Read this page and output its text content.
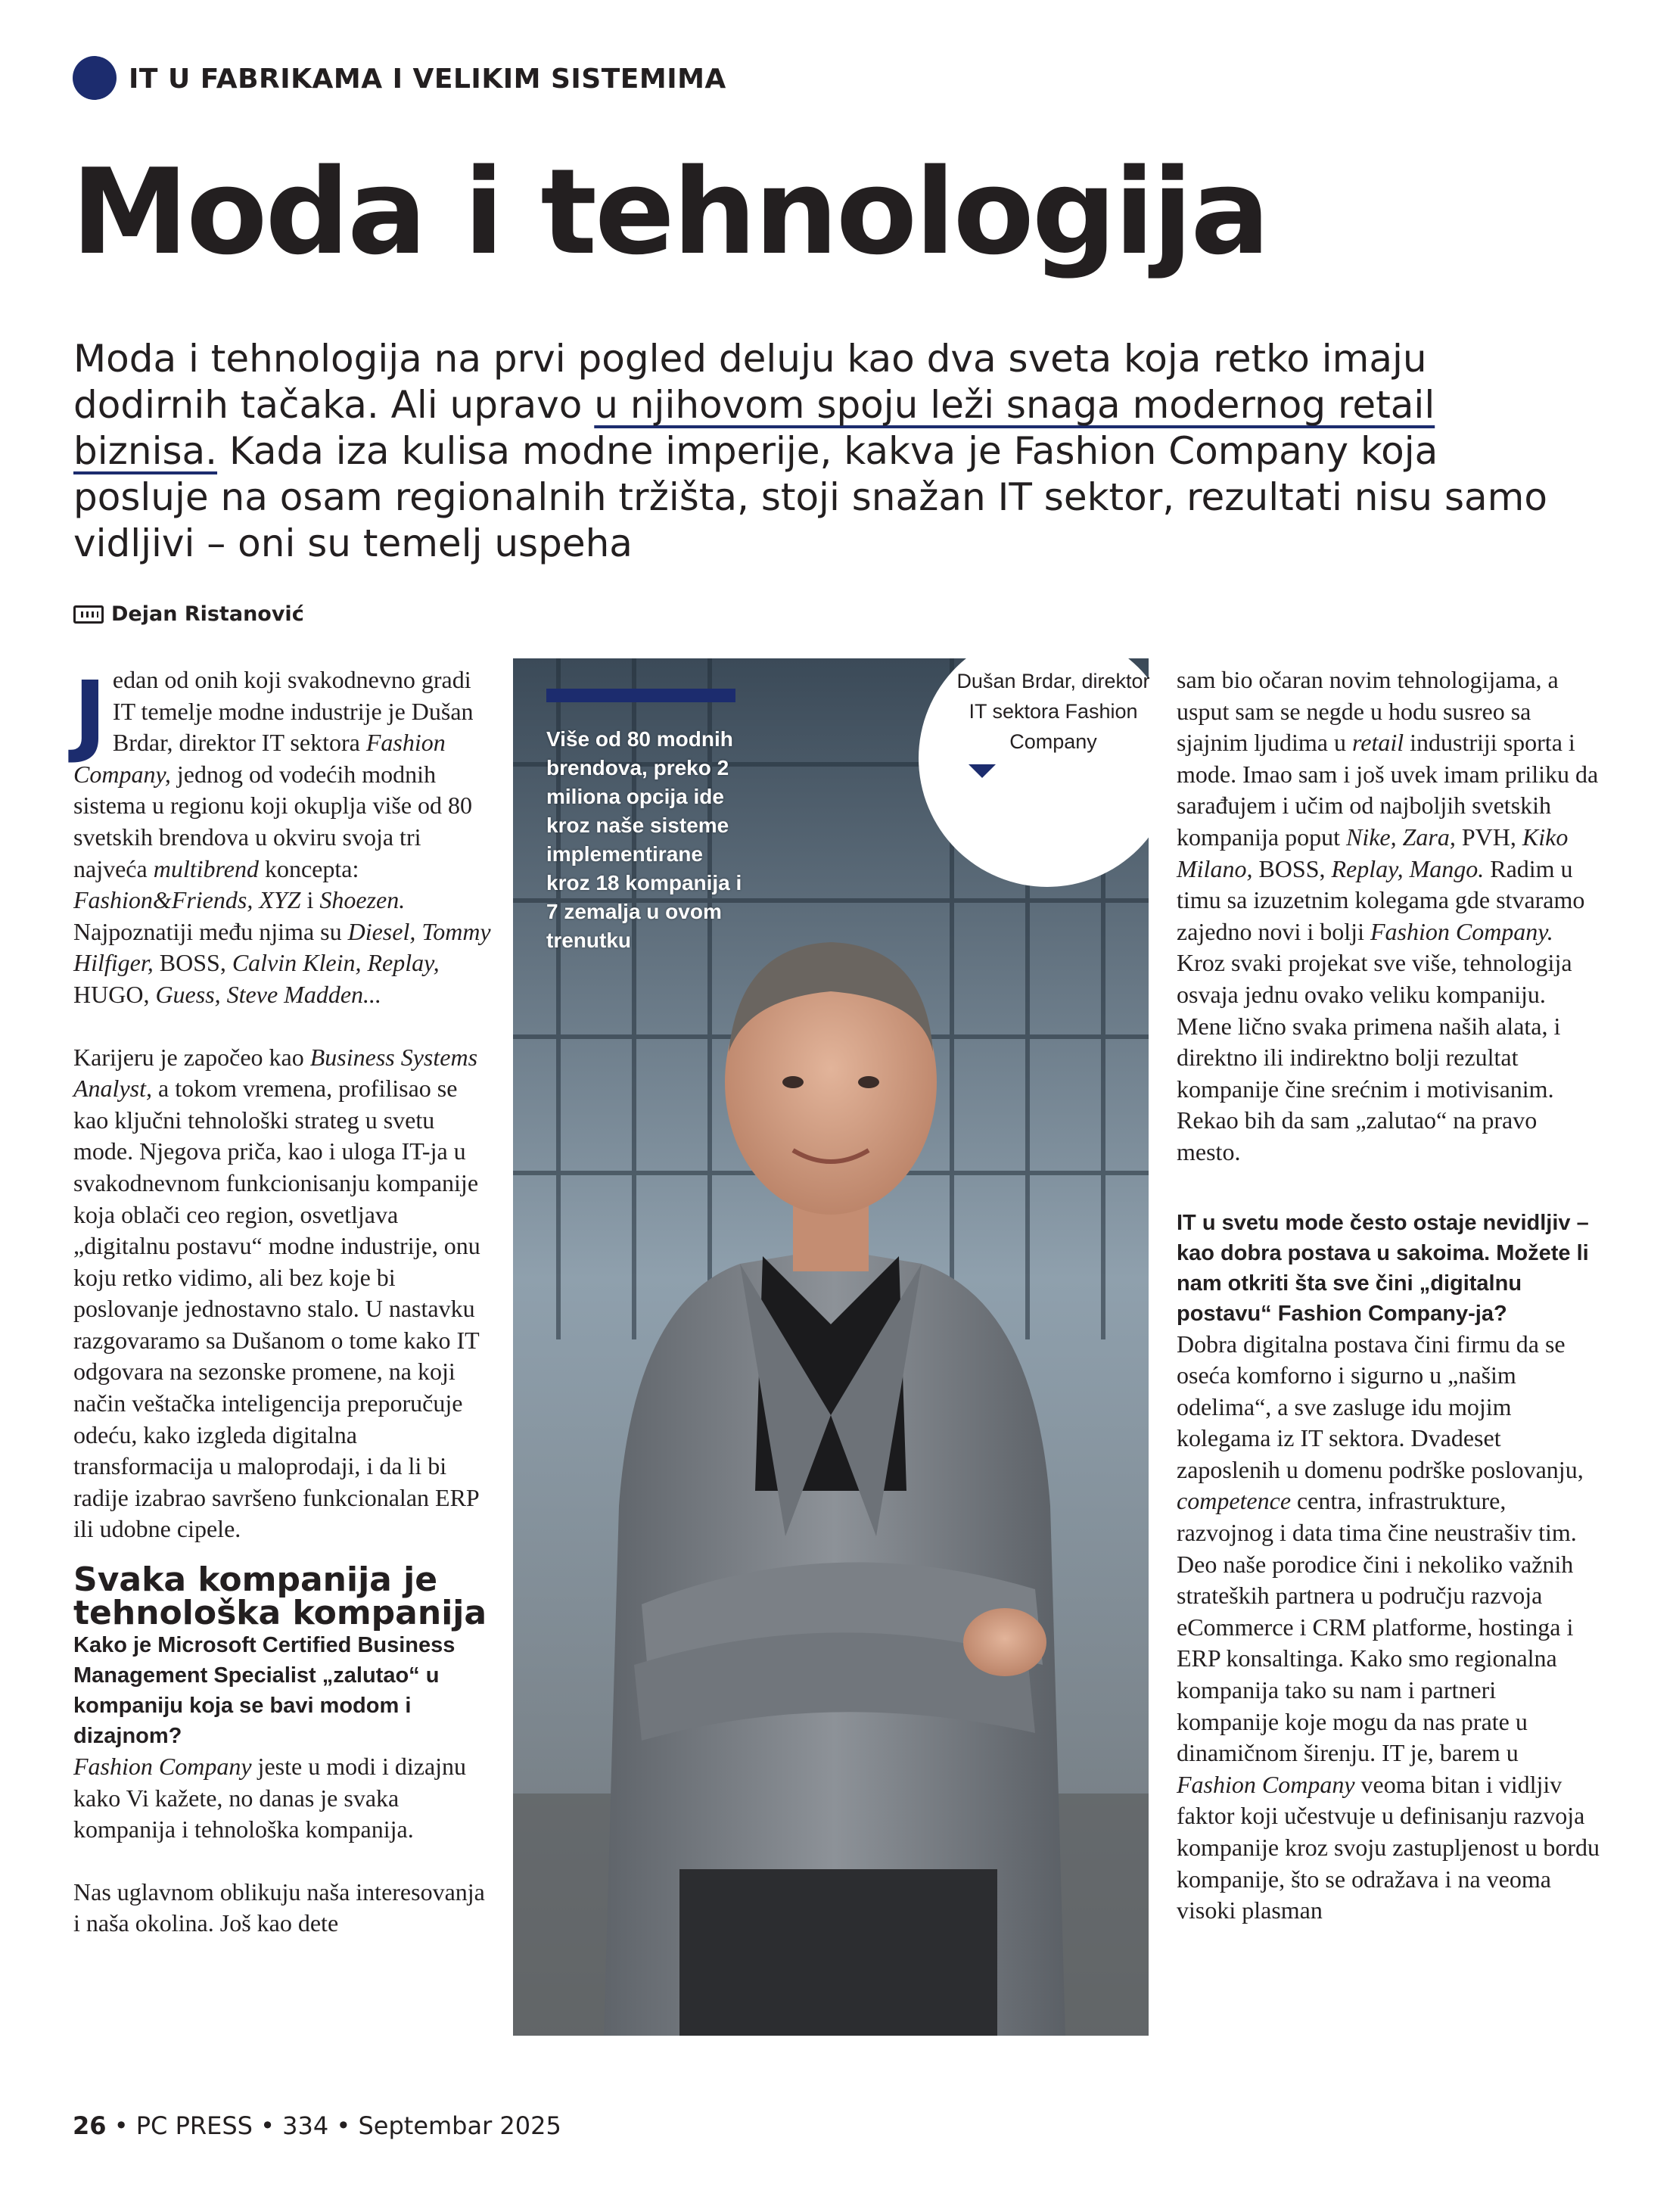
IT U FABRIKAMA I VELIKIM SISTEMIMA
Moda i tehnologija
Moda i tehnologija na prvi pogled deluju kao dva sveta koja retko imaju dodirnih tačaka. Ali upravo u njihovom spoju leži snaga modernog retail biznisa. Kada iza kulisa modne imperije, kakva je Fashion Company koja posluje na osam regionalnih tržišta, stoji snažan IT sektor, rezultati nisu samo vidljivi – oni su temelj uspeha
Dejan Ristanović

J edan od onih koji svakodnevno gradi IT temelje modne industrije je Dušan Brdar, direktor IT sektora Fashion Company, jednog od vodećih modnih sistema u regionu koji okuplja više od 80 svetskih brendova u okviru svoja tri najveća multibrend koncepta: Fashion&Friends, XYZ i Shoezen. Najpoznatiji među njima su Diesel, Tommy Hilfiger, BOSS, Calvin Klein, Replay, HUGO, Guess, Steve Madden...

Karijeru je započeo kao Business Systems Analyst, a tokom vremena, profilisao se kao ključni tehnološki strateg u svetu mode. Njegova priča, kao i uloga IT-ja u svakodnevnom funkcionisanju kompanije koja oblači ceo region, osvetljava „digitalnu postavu“ modne industrije, onu koju retko vidimo, ali bez koje bi poslovanje jednostavno stalo. U nastavku razgovaramo sa Dušanom o tome kako IT odgovara na sezonske promene, na koji način veštačka inteligencija preporučuje odeću, kako izgleda digitalna transformacija u maloprodaji, i da li bi radije izabrao savršeno funkcionalan ERP ili udobne cipele.

Svaka kompanija je tehnološka kompanija
Kako je Microsoft Certified Business Management Specialist „zalutao“ u kompaniju koja se bavi modom i dizajnom?

Fashion Company jeste u modi i dizajnu kako Vi kažete, no danas je svaka kompanija i tehnološka kompanija.

Nas uglavnom oblikuju naša interesovanja i naša okolina. Još kao dete

Više od 80 modnih brendova, preko 2 miliona opcija ide kroz naše sisteme implementirane kroz 18 kompanija i 7 zemalja u ovom trenutku
Dušan Brdar, direktor IT sektora Fashion Company

sam bio očaran novim tehnologijama, a usput sam se negde u hodu susreo sa sjajnim ljudima u retail industriji sporta i mode. Imao sam i još uvek imam priliku da sarađujem i učim od najboljih svetskih kompanija poput Nike, Zara, PVH, Kiko Milano, BOSS, Replay, Mango. Radim u timu sa izuzetnim kolegama gde stvaramo zajedno novi i bolji Fashion Company. Kroz svaki projekat sve više, tehnologija osvaja jednu ovako veliku kompaniju. Mene lično svaka primena naših alata, i direktno ili indirektno bolji rezultat kompanije čine srećnim i motivisanim. Rekao bih da sam „zalutao“ na pravo mesto.

IT u svetu mode često ostaje nevidljiv – kao dobra postava u sakoima. Možete li nam otkriti šta sve čini „digitalnu postavu“ Fashion Company-ja?

Dobra digitalna postava čini firmu da se oseća komforno i sigurno u „našim odelima“, a sve zasluge idu mojim kolegama iz IT sektora. Dvadeset zaposlenih u domenu podrške poslovanju, competence centra, infrastrukture, razvojnog i data tima čine neustrašiv tim. Deo naše porodice čini i nekoliko važnih strateških partnera u području razvoja eCommerce i CRM platforme, hostinga i ERP konsaltinga. Kako smo regionalna kompanija tako su nam i partneri kompanije koje mogu da nas prate u dinamičnom širenju. IT je, barem u Fashion Company veoma bitan i vidljiv faktor koji učestvuje u definisanju razvoja kompanije kroz svoju zastupljenost u bordu kompanije, što se odražava i na veoma visoki plasman

26 • PC PRESS • 334 • Septembar 2025
